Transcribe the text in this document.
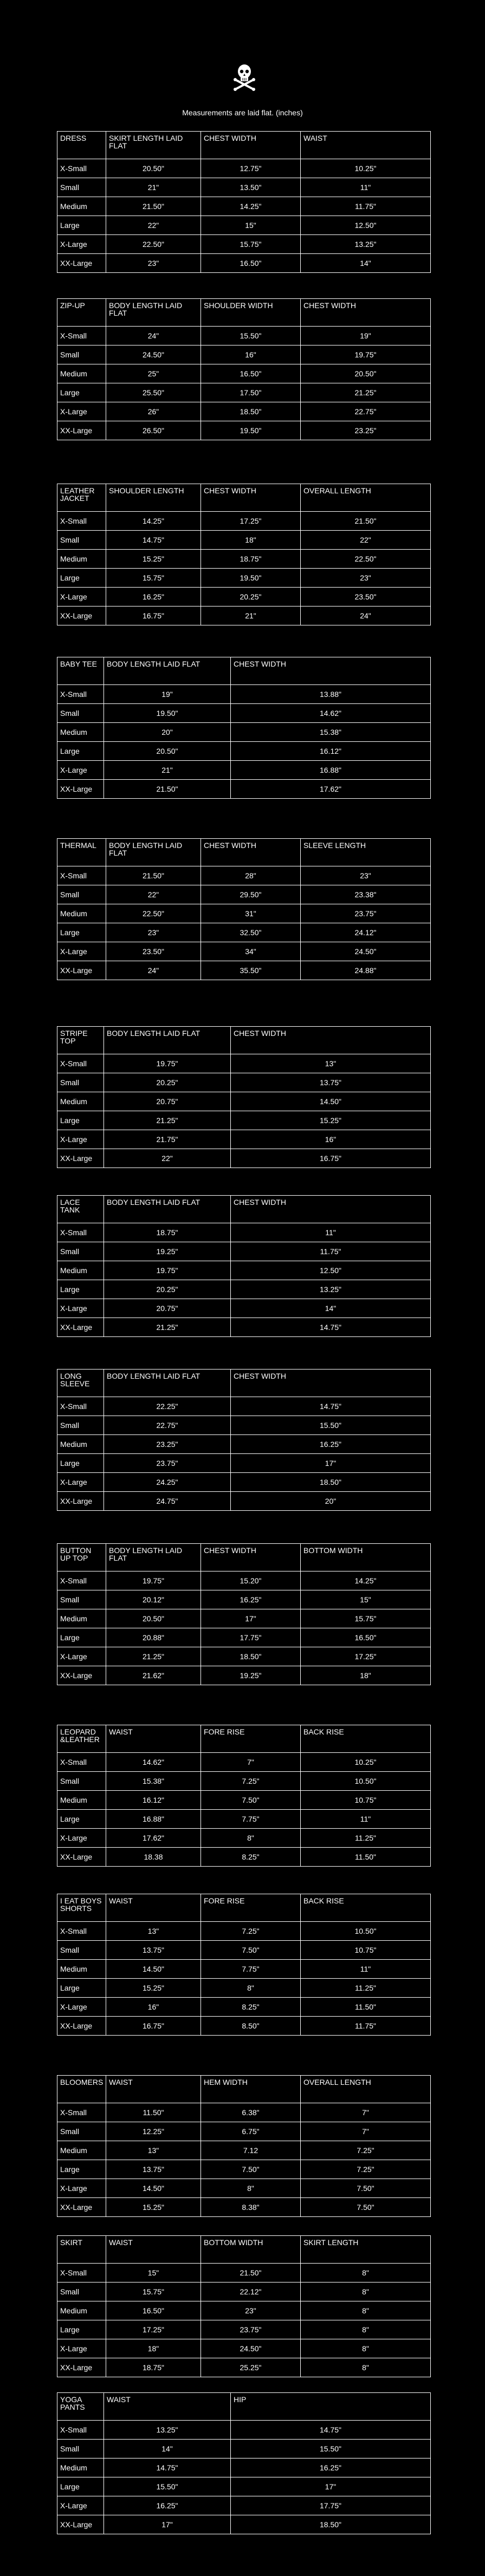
Measurements are laid flat. (inches)
DRESS	SKIRT LENGTH LAID FLAT	CHEST WIDTH	WAIST
X-Small	20.50"	12.75"	10.25"
Small	21"	13.50"	11"
Medium	21.50"	14.25"	11.75"
Large	22"	15"	12.50"
X-Large	22.50"	15.75"	13.25"
XX-Large	23"	16.50"	14"
ZIP-UP	BODY LENGTH LAID FLAT	SHOULDER WIDTH	CHEST WIDTH
X-Small	24"	15.50"	19"
Small	24.50"	16"	19.75"
Medium	25"	16.50"	20.50"
Large	25.50"	17.50"	21.25"
X-Large	26"	18.50"	22.75"
XX-Large	26.50"	19.50"	23.25"
LEATHER JACKET	SHOULDER LENGTH	CHEST WIDTH	OVERALL LENGTH
X-Small	14.25"	17.25"	21.50"
Small	14.75"	18"	22"
Medium	15.25"	18.75"	22.50"
Large	15.75"	19.50"	23"
X-Large	16.25"	20.25"	23.50"
XX-Large	16.75"	21"	24"
BABY TEE	BODY LENGTH LAID FLAT	CHEST WIDTH
X-Small	19"	13.88"
Small	19.50"	14.62"
Medium	20"	15.38"
Large	20.50"	16.12"
X-Large	21"	16.88"
XX-Large	21.50"	17.62"
THERMAL	BODY LENGTH LAID FLAT	CHEST WIDTH	SLEEVE LENGTH
X-Small	21.50"	28"	23"
Small	22"	29.50"	23.38"
Medium	22.50"	31"	23.75"
Large	23"	32.50"	24.12"
X-Large	23.50"	34"	24.50"
XX-Large	24"	35.50"	24.88"
STRIPE TOP	BODY LENGTH LAID FLAT	CHEST WIDTH
X-Small	19.75"	13"
Small	20.25"	13.75"
Medium	20.75"	14.50"
Large	21.25"	15.25"
X-Large	21.75"	16"
XX-Large	22"	16.75"
LACE TANK	BODY LENGTH LAID FLAT	CHEST WIDTH
X-Small	18.75"	11"
Small	19.25"	11.75"
Medium	19.75"	12.50"
Large	20.25"	13.25"
X-Large	20.75"	14"
XX-Large	21.25"	14.75"
LONG SLEEVE	BODY LENGTH LAID FLAT	CHEST WIDTH
X-Small	22.25"	14.75"
Small	22.75"	15.50"
Medium	23.25"	16.25"
Large	23.75"	17"
X-Large	24.25"	18.50"
XX-Large	24.75"	20"
BUTTON UP TOP	BODY LENGTH LAID FLAT	CHEST WIDTH	BOTTOM WIDTH
X-Small	19.75"	15.20"	14.25"
Small	20.12"	16.25"	15"
Medium	20.50"	17"	15.75"
Large	20.88"	17.75"	16.50"
X-Large	21.25"	18.50"	17.25"
XX-Large	21.62"	19.25"	18"
LEOPARD &LEATHER	WAIST	FORE RISE	BACK RISE
X-Small	14.62"	7"	10.25"
Small	15.38"	7.25"	10.50"
Medium	16.12"	7.50"	10.75"
Large	16.88"	7.75"	11"
X-Large	17.62"	8"	11.25"
XX-Large	18.38	8.25"	11.50"
I EAT BOYS SHORTS	WAIST	FORE RISE	BACK RISE
X-Small	13"	7.25"	10.50"
Small	13.75"	7.50"	10.75"
Medium	14.50"	7.75"	11"
Large	15.25"	8"	11.25"
X-Large	16"	8.25"	11.50"
XX-Large	16.75"	8.50"	11.75"
BLOOMERS	WAIST	HEM WIDTH	OVERALL LENGTH
X-Small	11.50"	6.38"	7"
Small	12.25"	6.75"	7"
Medium	13"	7.12	7.25"
Large	13.75"	7.50"	7.25"
X-Large	14.50"	8"	7.50"
XX-Large	15.25"	8.38"	7.50"
SKIRT	WAIST	BOTTOM WIDTH	SKIRT LENGTH
X-Small	15"	21.50"	8"
Small	15.75"	22.12"	8"
Medium	16.50"	23"	8"
Large	17.25"	23.75"	8"
X-Large	18"	24.50"	8"
XX-Large	18.75"	25.25"	8"
YOGA PANTS	WAIST	HIP
X-Small	13.25"	14.75"
Small	14"	15.50"
Medium	14.75"	16.25"
Large	15.50"	17"
X-Large	16.25"	17.75"
XX-Large	17"	18.50"
